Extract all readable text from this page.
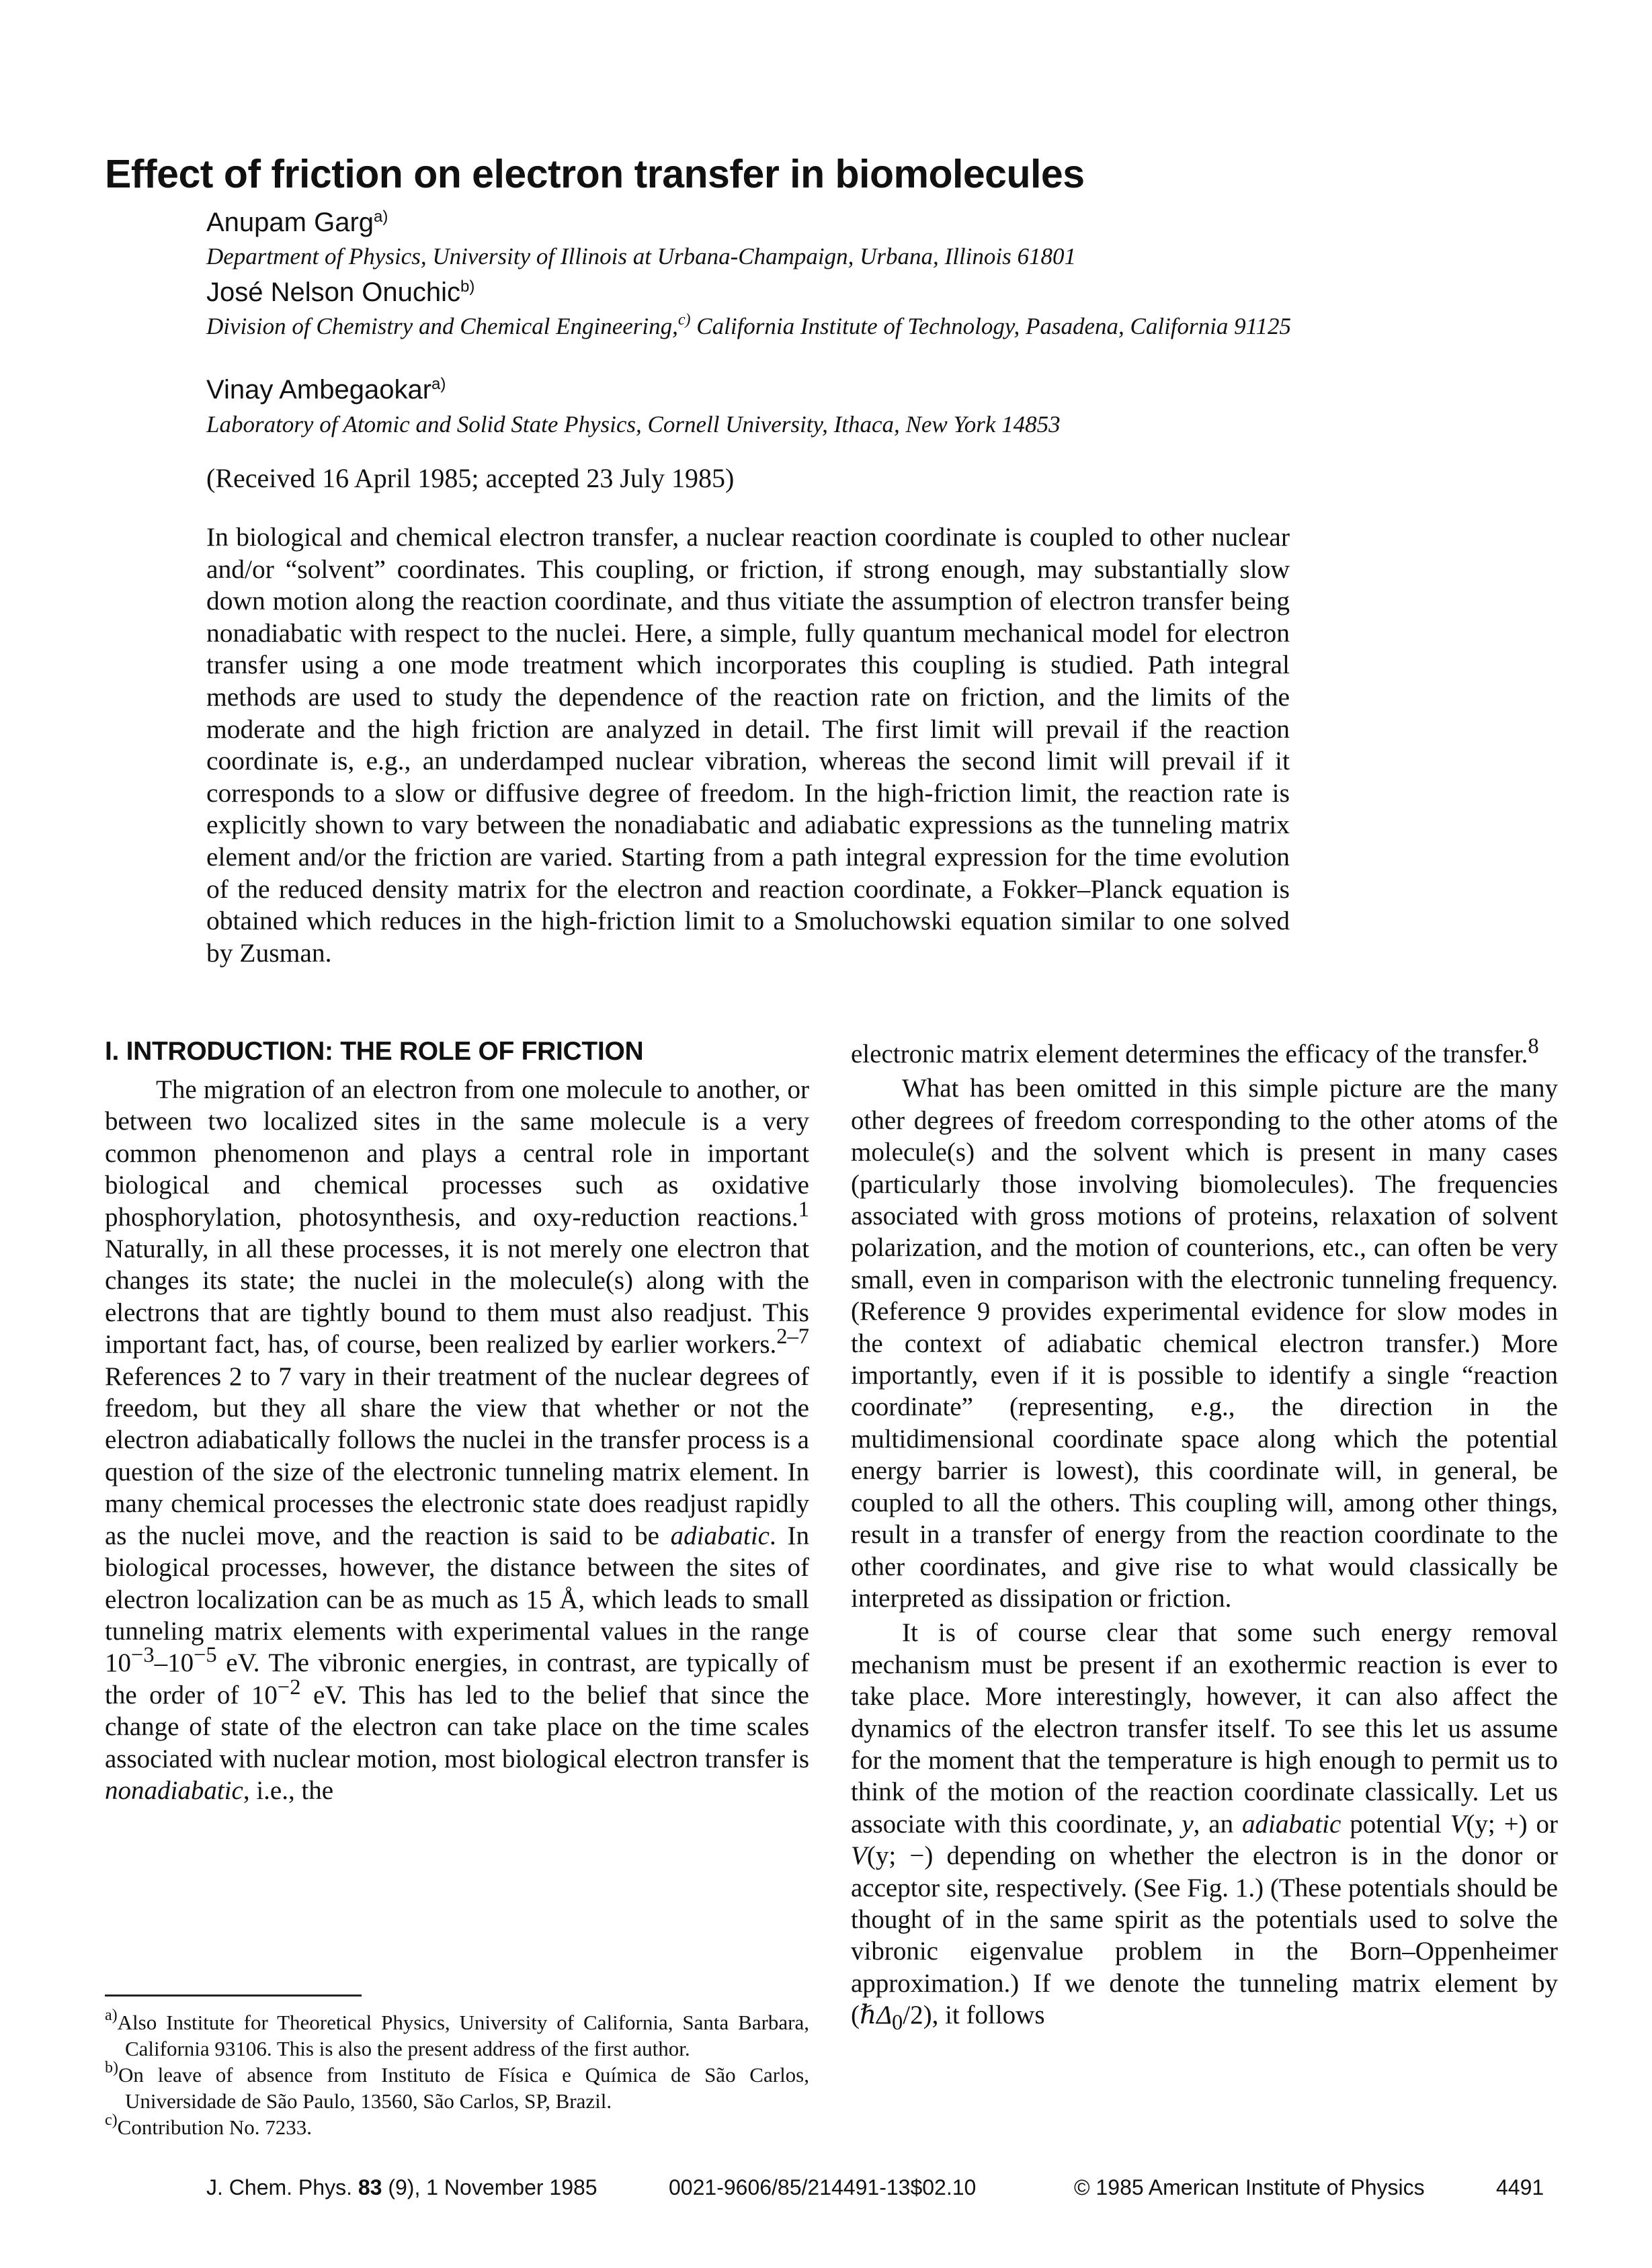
Effect of friction on electron transfer in biomolecules
Anupam Garg$^{a)}$
Department of Physics, University of Illinois at Urbana-Champaign, Urbana, Illinois 61801
José Nelson Onuchic$^{b)}$
Division of Chemistry and Chemical Engineering,$^{c)}$ California Institute of Technology, Pasadena, California 91125
Vinay Ambegaokar$^{a)}$
Laboratory of Atomic and Solid State Physics, Cornell University, Ithaca, New York 14853
(Received 16 April 1985; accepted 23 July 1985)
In biological and chemical electron transfer, a nuclear reaction coordinate is coupled to other nuclear and/or “solvent” coordinates. This coupling, or friction, if strong enough, may substantially slow down motion along the reaction coordinate, and thus vitiate the assumption of electron transfer being nonadiabatic with respect to the nuclei. Here, a simple, fully quantum mechanical model for electron transfer using a one mode treatment which incorporates this coupling is studied. Path integral methods are used to study the dependence of the reaction rate on friction, and the limits of the moderate and the high friction are analyzed in detail. The first limit will prevail if the reaction coordinate is, e.g., an underdamped nuclear vibration, whereas the second limit will prevail if it corresponds to a slow or diffusive degree of freedom. In the high-friction limit, the reaction rate is explicitly shown to vary between the nonadiabatic and adiabatic expressions as the tunneling matrix element and/or the friction are varied. Starting from a path integral expression for the time evolution of the reduced density matrix for the electron and reaction coordinate, a Fokker–Planck equation is obtained which reduces in the high-friction limit to a Smoluchowski equation similar to one solved by Zusman.
I. INTRODUCTION: THE ROLE OF FRICTION

The migration of an electron from one molecule to another, or between two localized sites in the same molecule is a very common phenomenon and plays a central role in important biological and chemical processes such as oxidative phosphorylation, photosynthesis, and oxy-reduction reactions.$^1$ Naturally, in all these processes, it is not merely one electron that changes its state; the nuclei in the molecule(s) along with the electrons that are tightly bound to them must also readjust. This important fact, has, of course, been realized by earlier workers.$^{2-7}$ References 2 to 7 vary in their treatment of the nuclear degrees of freedom, but they all share the view that whether or not the electron adiabatically follows the nuclei in the transfer process is a question of the size of the electronic tunneling matrix element. In many chemical processes the electronic state does readjust rapidly as the nuclei move, and the reaction is said to be adiabatic. In biological processes, however, the distance between the sites of electron localization can be as much as 15 Å, which leads to small tunneling matrix elements with experimental values in the range $10^{-3}-10^{-5}$ eV. The vibronic energies, in contrast, are typically of the order of $10^{-2}$ eV. This has led to the belief that since the change of state of the electron can take place on the time scales associated with nuclear motion, most biological electron transfer is nonadiabatic, i.e., the

$^{a)}$Also Institute for Theoretical Physics, University of California, Santa Barbara, California 93106. This is also the present address of the first author.

$^{b)}$On leave of absence from Instituto de Física e Química de São Carlos, Universidade de São Paulo, 13560, São Carlos, SP, Brazil.

$^{c)}$Contribution No. 7233.

electronic matrix element determines the efficacy of the transfer.$^8$

What has been omitted in this simple picture are the many other degrees of freedom corresponding to the other atoms of the molecule(s) and the solvent which is present in many cases (particularly those involving biomolecules). The frequencies associated with gross motions of proteins, relaxation of solvent polarization, and the motion of counterions, etc., can often be very small, even in comparison with the electronic tunneling frequency. (Reference 9 provides experimental evidence for slow modes in the context of adiabatic chemical electron transfer.) More importantly, even if it is possible to identify a single “reaction coordinate” (representing, e.g., the direction in the multidimensional coordinate space along which the potential energy barrier is lowest), this coordinate will, in general, be coupled to all the others. This coupling will, among other things, result in a transfer of energy from the reaction coordinate to the other coordinates, and give rise to what would classically be interpreted as dissipation or friction.

It is of course clear that some such energy removal mechanism must be present if an exothermic reaction is ever to take place. More interestingly, however, it can also affect the dynamics of the electron transfer itself. To see this let us assume for the moment that the temperature is high enough to permit us to think of the motion of the reaction coordinate classically. Let us associate with this coordinate, y, an adiabatic potential V(y; +) or V(y; −) depending on whether the electron is in the donor or acceptor site, respectively. (See Fig. 1.) (These potentials should be thought of in the same spirit as the potentials used to solve the vibronic eigenvalue problem in the Born–Oppenheimer approximation.) If we denote the tunneling matrix element by (ℏΔ$_0$/2), it follows

J. Chem. Phys. 83 (9), 1 November 1985	0021-9606/85/214491-13$02.10	© 1985 American Institute of Physics	4491
